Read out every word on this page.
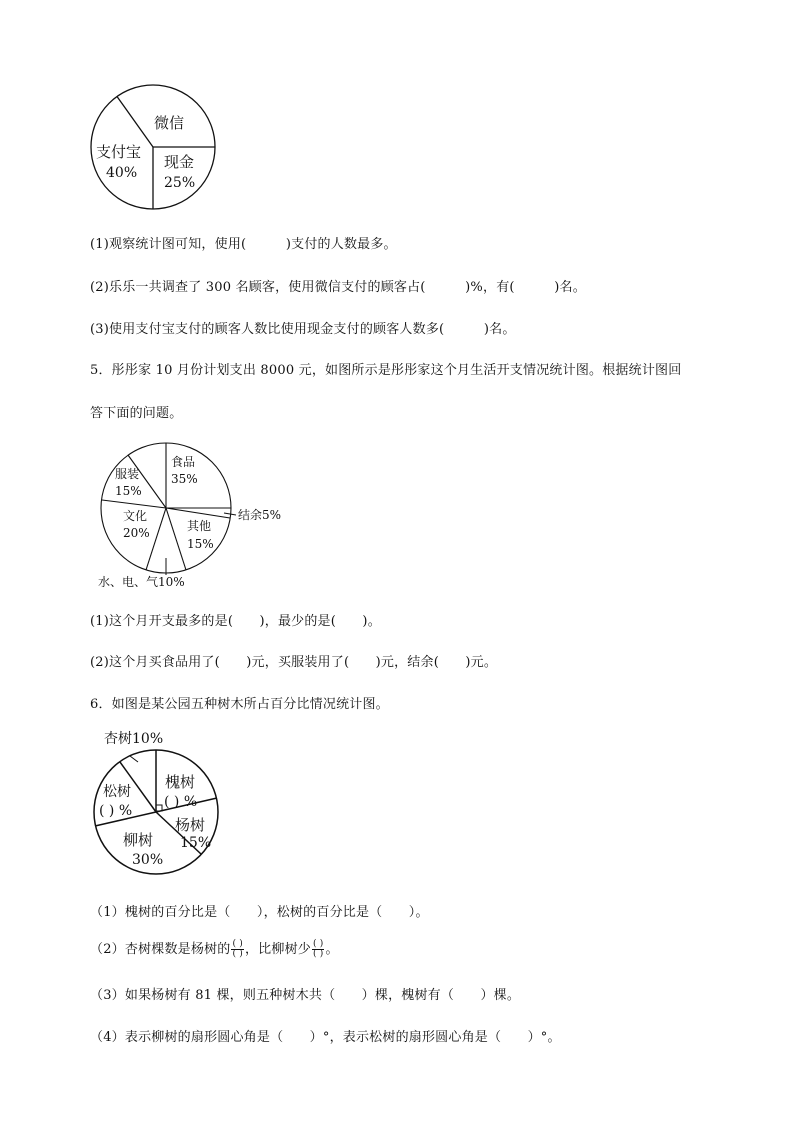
微信
支付宝
40%
现金
25%
(1)观察统计图可知，使用(　　　)支付的人数最多。
(2)乐乐一共调查了 300 名顾客，使用微信支付的顾客占(　　　)%，有(　　　)名。
(3)使用支付宝支付的顾客人数比使用现金支付的顾客人数多(　　　)名。
5．彤彤家 10 月份计划支出 8000 元，如图所示是彤彤家这个月生活开支情况统计图。根据统计图回
答下面的问题。
食品
35%
服装
15%
文化
20%	其他
15%
结余5%
水、电、气10%
(1)这个月开支最多的是(　　)，最少的是(　　)。
(2)这个月买食品用了(　　)元，买服装用了(　　)元，结余(　　)元。
6．如图是某公园五种树木所占百分比情况统计图。
杏树10%
松树
( ) %
槐树
( ) %
杨树
15%
柳树
30%
（1）槐树的百分比是（　　），松树的百分比是（　　）。
（2）杏树棵数是杨树的 $\frac{( )}{( )}$ ，比柳树少 $\frac{( )}{( )}$ 。
（3）如果杨树有 81 棵，则五种树木共（　　）棵，槐树有（　　）棵。
（4）表示柳树的扇形圆心角是（　　）°，表示松树的扇形圆心角是（　　）°。
